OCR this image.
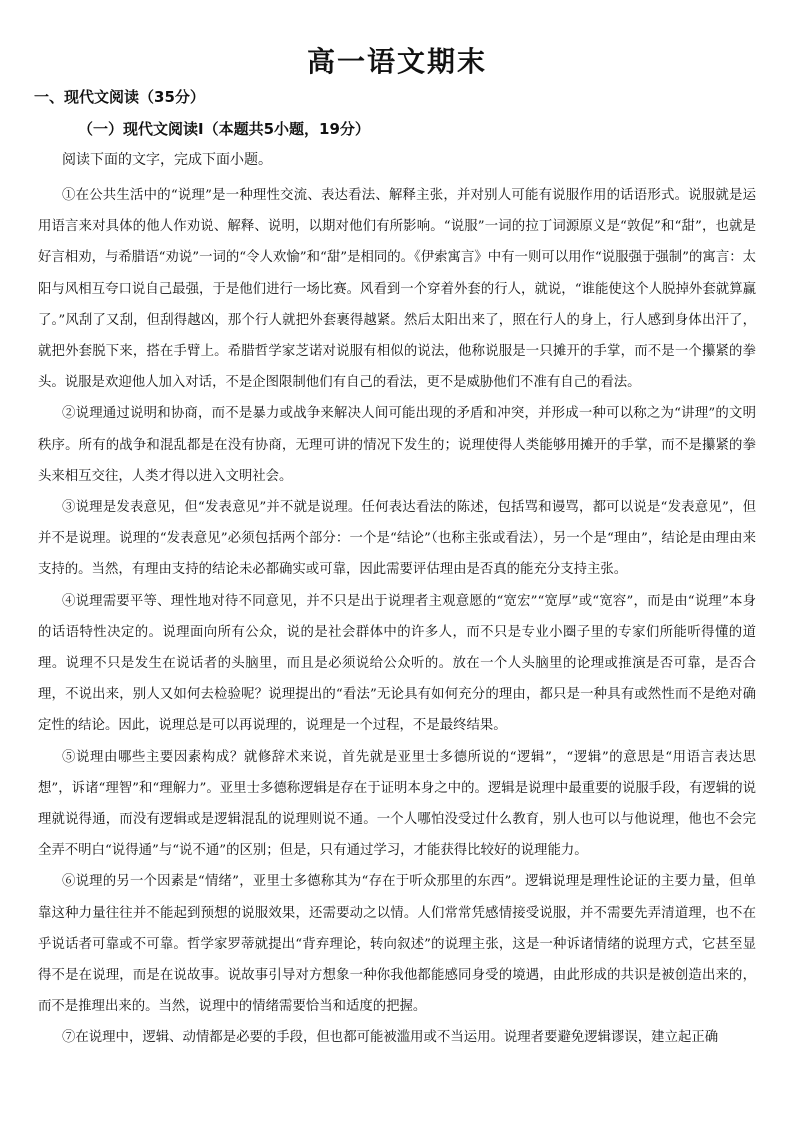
高一语文期末
一、现代文阅读（35分）
（一）现代文阅读Ⅰ（本题共5小题，19分）
阅读下面的文字，完成下面小题。

①在公共生活中的“说理”是一种理性交流、表达看法、解释主张，并对别人可能有说服作用的话语形式。说服就是运用语言来对具体的他人作劝说、解释、说明，以期对他们有所影响。“说服”一词的拉丁词源原义是“敦促”和“甜”，也就是好言相劝，与希腊语“劝说”一词的“令人欢愉”和“甜”是相同的。《伊索寓言》中有一则可以用作“说服强于强制”的寓言：太阳与风相互夸口说自己最强，于是他们进行一场比赛。风看到一个穿着外套的行人，就说，“谁能使这个人脱掉外套就算赢了。”风刮了又刮，但刮得越凶，那个行人就把外套裹得越紧。然后太阳出来了，照在行人的身上，行人感到身体出汗了，就把外套脱下来，搭在手臂上。希腊哲学家芝诺对说服有相似的说法，他称说服是一只摊开的手掌，而不是一个攥紧的拳头。说服是欢迎他人加入对话，不是企图限制他们有自己的看法，更不是威胁他们不准有自己的看法。

②说理通过说明和协商，而不是暴力或战争来解决人间可能出现的矛盾和冲突，并形成一种可以称之为“讲理”的文明秩序。所有的战争和混乱都是在没有协商，无理可讲的情况下发生的；说理使得人类能够用摊开的手掌，而不是攥紧的拳头来相互交往，人类才得以进入文明社会。

③说理是发表意见，但“发表意见”并不就是说理。任何表达看法的陈述，包括骂和谩骂，都可以说是“发表意见”，但并不是说理。说理的“发表意见”必须包括两个部分：一个是“结论”（也称主张或看法），另一个是“理由”，结论是由理由来支持的。当然，有理由支持的结论未必都确实或可靠，因此需要评估理由是否真的能充分支持主张。

④说理需要平等、理性地对待不同意见，并不只是出于说理者主观意愿的“宽宏”“宽厚”或“宽容”，而是由“说理”本身的话语特性决定的。说理面向所有公众，说的是社会群体中的许多人，而不只是专业小圈子里的专家们所能听得懂的道理。说理不只是发生在说话者的头脑里，而且是必须说给公众听的。放在一个人头脑里的论理或推演是否可靠，是否合理，不说出来，别人又如何去检验呢？说理提出的“看法”无论具有如何充分的理由，都只是一种具有或然性而不是绝对确定性的结论。因此，说理总是可以再说理的，说理是一个过程，不是最终结果。

⑤说理由哪些主要因素构成？就修辞术来说，首先就是亚里士多德所说的“逻辑”，“逻辑”的意思是“用语言表达思想”，诉诸“理智”和“理解力”。亚里士多德称逻辑是存在于证明本身之中的。逻辑是说理中最重要的说服手段，有逻辑的说理就说得通，而没有逻辑或是逻辑混乱的说理则说不通。一个人哪怕没受过什么教育，别人也可以与他说理，他也不会完全弄不明白“说得通”与“说不通”的区别；但是，只有通过学习，才能获得比较好的说理能力。

⑥说理的另一个因素是“情绪”，亚里士多德称其为“存在于听众那里的东西”。逻辑说理是理性论证的主要力量，但单靠这种力量往往并不能起到预想的说服效果，还需要动之以情。人们常常凭感情接受说服，并不需要先弄清道理，也不在乎说话者可靠或不可靠。哲学家罗蒂就提出“背弃理论，转向叙述”的说理主张，这是一种诉诸情绪的说理方式，它甚至显得不是在说理，而是在说故事。说故事引导对方想象一种你我他都能感同身受的境遇，由此形成的共识是被创造出来的，而不是推理出来的。当然，说理中的情绪需要恰当和适度的把握。

⑦在说理中，逻辑、动情都是必要的手段，但也都可能被滥用或不当运用。说理者要避免逻辑谬误，建立起正确
